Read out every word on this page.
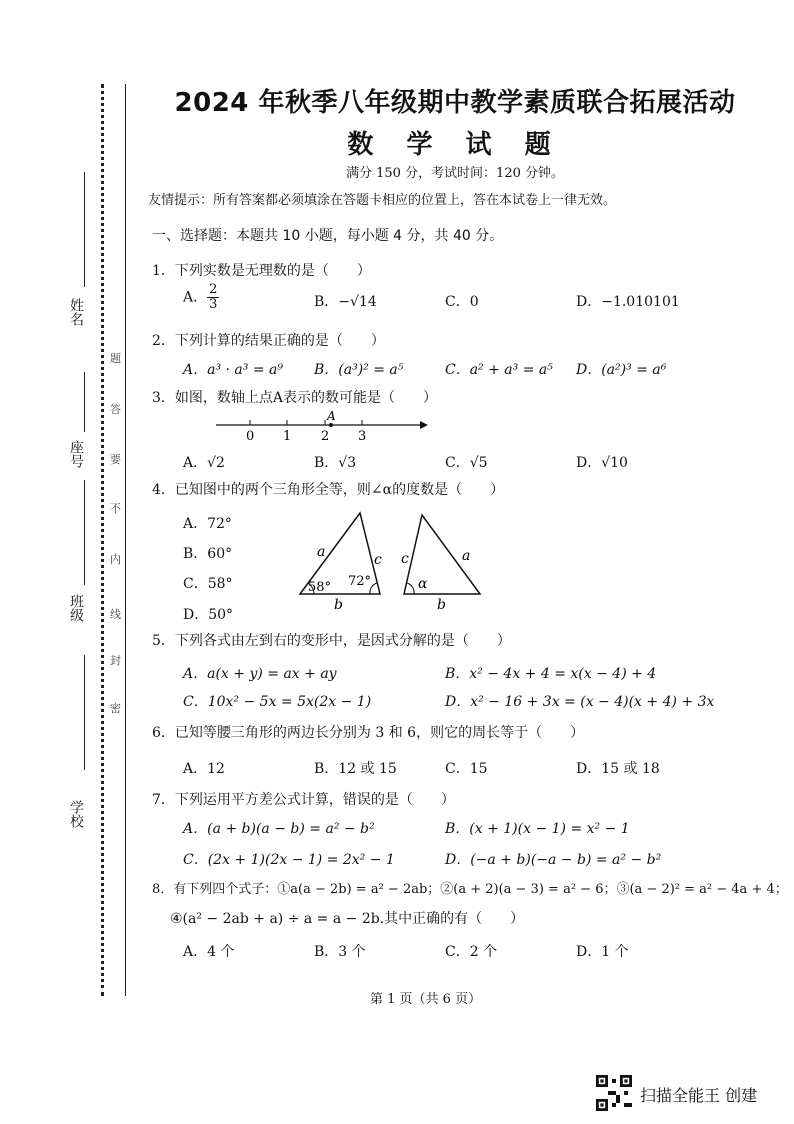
姓名
座号
班级
学校
密
封
线
内
不
要
答
题
2024 年秋季八年级期中教学素质联合拓展活动
数 学 试 题
满分 150 分，考试时间：120 分钟。
友情提示：所有答案都必须填涂在答题卡相应的位置上，答在本试卷上一律无效。
一、选择题：本题共 10 小题，每小题 4 分，共 40 分。
1．下列实数是无理数的是（　　）
A． $\frac{2}{3}$	B．−√14	C．0	D．−1.010101
2．下列计算的结果正确的是（　　）
A．a³ · a³ = a⁹ B．(a³)² = a⁵	C．a² + a³ = a⁵ D．(a²)³ = a⁶
3．如图，数轴上点A表示的数可能是（　　）
A
0 1 2 3
A．√2	B．√3	C．√5	D．√10
4．已知图中的两个三角形全等，则∠α的度数是（　　）
A．72°
B．60°
C．58°
D．50°
a	c
b
58° 72°
c	a
b
α
5．下列各式由左到右的变形中，是因式分解的是（　　）
A．a(x + y) = ax + ay	B．x² − 4x + 4 = x(x − 4) + 4
C．10x² − 5x = 5x(2x − 1)	D．x² − 16 + 3x = (x − 4)(x + 4) + 3x
6．已知等腰三角形的两边长分别为 3 和 6，则它的周长等于（　　）
A．12	B．12 或 15	C．15	D．15 或 18
7．下列运用平方差公式计算，错误的是（　　）
A．(a + b)(a − b) = a² − b²	B．(x + 1)(x − 1) = x² − 1
C．(2x + 1)(2x − 1) = 2x² − 1	D．(−a + b)(−a − b) = a² − b²
8．有下列四个式子：①a(a − 2b) = a² − 2ab；②(a + 2)(a − 3) = a² − 6；③(a − 2)² = a² − 4a + 4；
④(a² − 2ab + a) ÷ a = a − 2b.其中正确的有（　　）
A．4 个	B．3 个	C．2 个	D．1 个
第 1 页（共 6 页）
扫描全能王 创建
